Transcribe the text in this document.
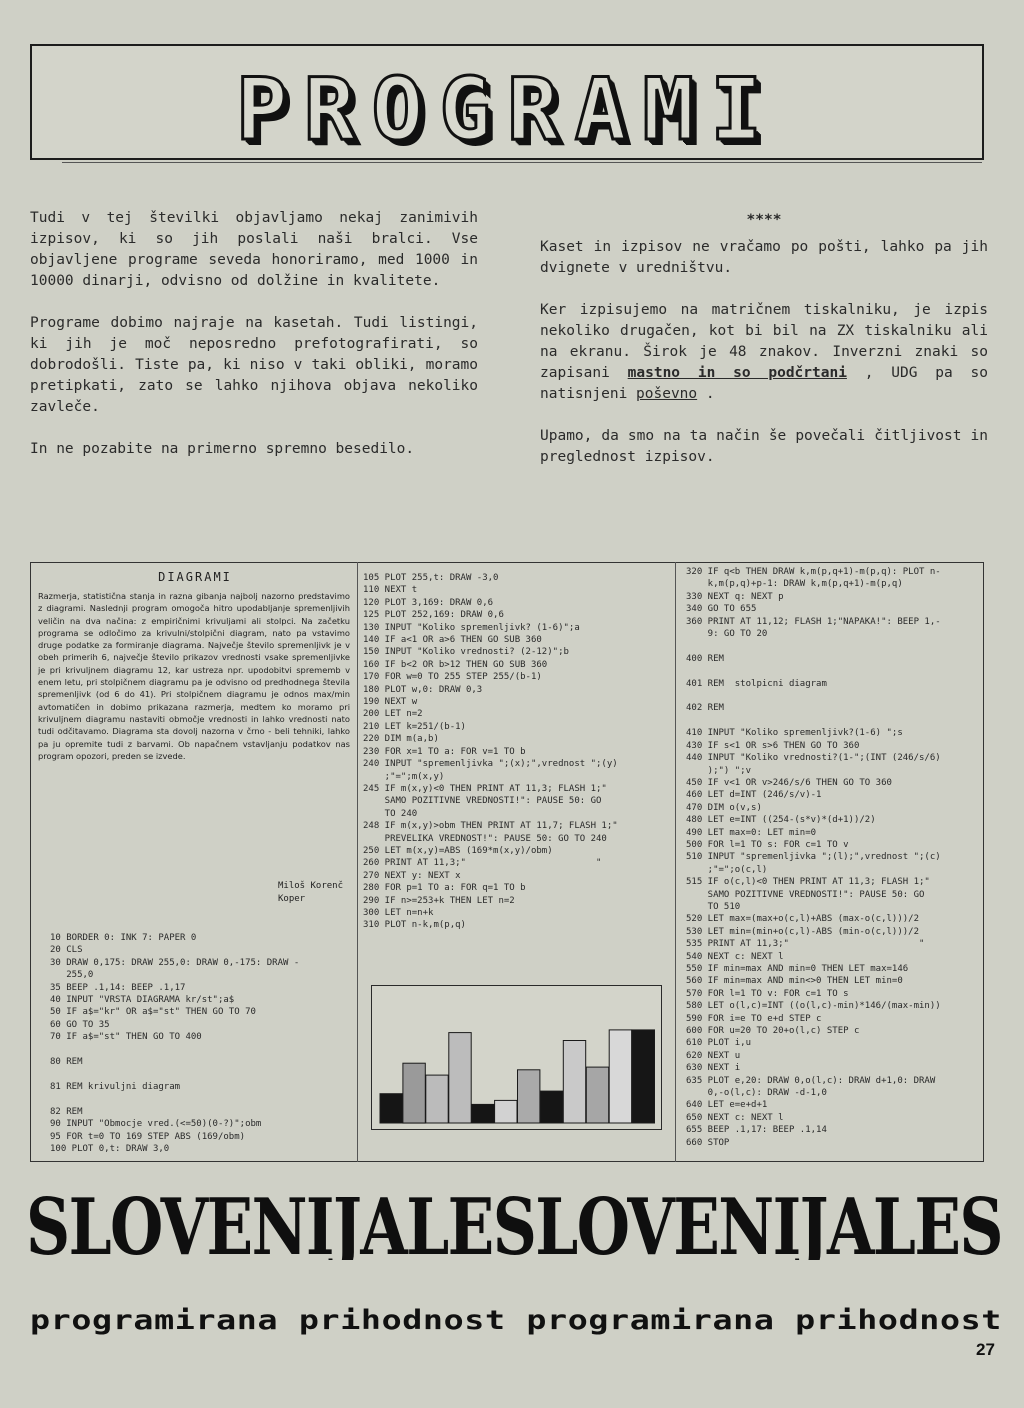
PROGRAMI

Tudi v tej številki objavljamo nekaj zanimivih izpisov, ki so jih poslali naši bralci. Vse objavljene programe seveda honoriramo, med 1000 in 10000 dinarji, odvisno od dolžine in kvalitete.

Programe dobimo najraje na kasetah. Tudi listingi, ki jih je moč neposredno prefotografirati, so dobrodošli. Tiste pa, ki niso v taki obliki, moramo pretipkati, zato se lahko njihova objava nekoliko zavleče.

In ne pozabite na primerno spremno besedilo.

****

Kaset in izpisov ne vračamo po pošti, lahko pa jih dvignete v uredništvu.

Ker izpisujemo na matričnem tiskalniku, je izpis nekoliko drugačen, kot bi bil na ZX tiskalniku ali na ekranu. Širok je 48 znakov. Inverzni znaki so zapisani mastno in so podčrtani , UDG pa so natisnjeni poševno .

Upamo, da smo na ta način še povečali čitljivost in preglednost izpisov.

DIAGRAMI

Razmerja, statistična stanja in razna gibanja najbolj nazorno predstavimo z diagrami. Naslednji program omogoča hitro upodabljanje spremenljivih veličin na dva načina: z empiričnimi krivuljami ali stolpci. Na začetku programa se odločimo za krivulni/stolpični diagram, nato pa vstavimo druge podatke za formiranje diagrama. Največje število spremenljivk je v obeh primerih 6, največje število prikazov vrednosti vsake spremenljivke je pri krivuljnem diagramu 12, kar ustreza npr. upodobitvi sprememb v enem letu, pri stolpičnem diagramu pa je odvisno od predhodnega števila spremenljivk (od 6 do 41). Pri stolpičnem diagramu je odnos max/min avtomatičen in dobimo prikazana razmerja, medtem ko moramo pri krivuljnem diagramu nastaviti območje vrednosti in lahko vrednosti nato tudi odčitavamo. Diagrama sta dovolj nazorna v črno - beli tehniki, lahko pa ju opremite tudi z barvami. Ob napačnem vstavljanju podatkov nas program opozori, preden se izvede.

Miloš Korenč
Koper
10 BORDER 0: INK 7: PAPER 0
20 CLS
30 DRAW 0,175: DRAW 255,0: DRAW 0,-175: DRAW -
255,0
35 BEEP .1,14: BEEP .1,17
40 INPUT "VRSTA DIAGRAMA kr/st";a$
50 IF a$="kr" OR a$="st" THEN GO TO 70
60 GO TO 35
70 IF a$="st" THEN GO TO 400

80 REM

81 REM krivuljni diagram

82 REM
90 INPUT "Obmocje vred.(<=50)(0-?)";obm
95 FOR t=0 TO 169 STEP ABS (169/obm)
100 PLOT 0,t: DRAW 3,0
105 PLOT 255,t: DRAW -3,0
110 NEXT t
120 PLOT 3,169: DRAW 0,6
125 PLOT 252,169: DRAW 0,6
130 INPUT "Koliko spremenljivk? (1-6)";a
140 IF a<1 OR a>6 THEN GO SUB 360
150 INPUT "Koliko vrednosti? (2-12)";b
160 IF b<2 OR b>12 THEN GO SUB 360
170 FOR w=0 TO 255 STEP 255/(b-1)
180 PLOT w,0: DRAW 0,3
190 NEXT w
200 LET n=2
210 LET k=251/(b-1)
220 DIM m(a,b)
230 FOR x=1 TO a: FOR v=1 TO b
240 INPUT "spremenljivka ";(x);",vrednost ";(y)
;"=";m(x,y)
245 IF m(x,y)<0 THEN PRINT AT 11,3; FLASH 1;"
SAMO POZITIVNE VREDNOSTI!": PAUSE 50: GO
TO 240
248 IF m(x,y)>obm THEN PRINT AT 11,7; FLASH 1;"
PREVELIKA VREDNOST!": PAUSE 50: GO TO 240
250 LET m(x,y)=ABS (169*m(x,y)/obm)
260 PRINT AT 11,3;"                        "
270 NEXT y: NEXT x
280 FOR p=1 TO a: FOR q=1 TO b
290 IF n>=253+k THEN LET n=2
300 LET n=n+k
310 PLOT n-k,m(p,q)
320 IF q<b THEN DRAW k,m(p,q+1)-m(p,q): PLOT n-
k,m(p,q)+p-1: DRAW k,m(p,q+1)-m(p,q)
330 NEXT q: NEXT p
340 GO TO 655
360 PRINT AT 11,12; FLASH 1;"NAPAKA!": BEEP 1,-
9: GO TO 20

400 REM

401 REM  stolpicni diagram

402 REM

410 INPUT "Koliko spremenljivk?(1-6) ";s
430 IF s<1 OR s>6 THEN GO TO 360
440 INPUT "Koliko vrednosti?(1-";(INT (246/s/6)
);") ";v
450 IF v<1 OR v>246/s/6 THEN GO TO 360
460 LET d=INT (246/s/v)-1
470 DIM o(v,s)
480 LET e=INT ((254-(s*v)*(d+1))/2)
490 LET max=0: LET min=0
500 FOR l=1 TO s: FOR c=1 TO v
510 INPUT "spremenljivka ";(l);",vrednost ";(c)
;"=";o(c,l)
515 IF o(c,l)<0 THEN PRINT AT 11,3; FLASH 1;"
SAMO POZITIVNE VREDNOSTI!": PAUSE 50: GO
TO 510
520 LET max=(max+o(c,l)+ABS (max-o(c,l)))/2
530 LET min=(min+o(c,l)-ABS (min-o(c,l)))/2
535 PRINT AT 11,3;"                        "
540 NEXT c: NEXT l
550 IF min=max AND min=0 THEN LET max=146
560 IF min=max AND min<>0 THEN LET min=0
570 FOR l=1 TO v: FOR c=1 TO s
580 LET o(l,c)=INT ((o(l,c)-min)*146/(max-min))
590 FOR i=e TO e+d STEP c
600 FOR u=20 TO 20+o(l,c) STEP c
610 PLOT i,u
620 NEXT u
630 NEXT i
635 PLOT e,20: DRAW 0,o(l,c): DRAW d+1,0: DRAW
0,-o(l,c): DRAW -d-1,0
640 LET e=e+d+1
650 NEXT c: NEXT l
655 BEEP .1,17: BEEP .1,14
660 STOP
SLOVENIJALESLOVENIJALES
programirana prihodnost programirana prihodnost
27
